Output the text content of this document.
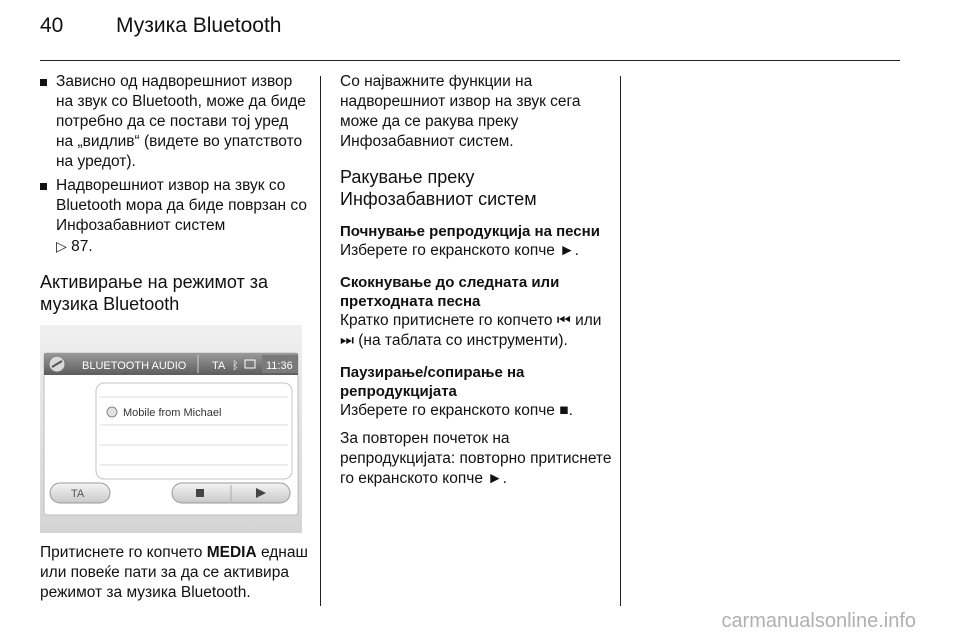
40	Музика Bluetooth

Зависно од надворешниот извор на звук со Bluetooth, може да биде потребно да се постави тој уред на „видлив“ (видете во упатството на уредот).

Надворешниот извор на звук со Bluetooth мора да биде поврзан со Инфозабавниот систем
▷ 87.

Активирање на режимот за музика Bluetooth
BLUETOOTH AUDIO TA ᛒ 11:36
Mobile from Michael
TA

Притиснете го копчето MEDIA еднаш или повеќе пати за да се активира режимот за музика Bluetooth.

Со најважните функции на надворешниот извор на звук сега може да се ракува преку Инфозабавниот систем.

Ракување преку Инфозабавниот систем
Почнување репродукција на песни

Изберете го екранското копче ►.

Скокнување до следната или претходната песна

Кратко притиснете го копчето ⏮ или ⏭ (на таблата со инструменти).

Паузирање/сопирање на репродукцијата

Изберете го екранското копче ■.

За повторен почеток на репродукцијата: повторно притиснете го екранското копче ►.

carmanualsonline.info
